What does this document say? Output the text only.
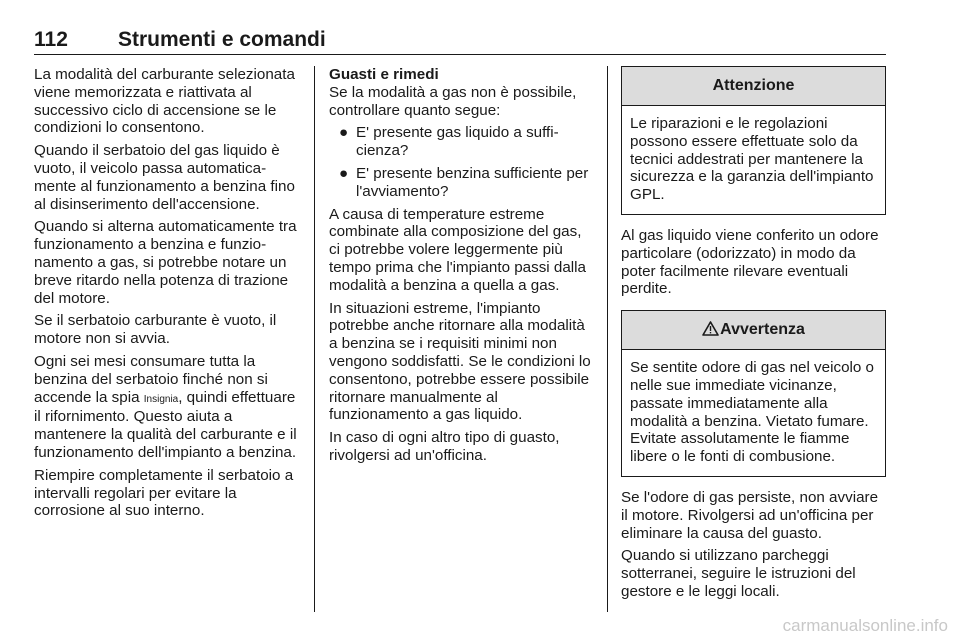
112 Strumenti e comandi

La modalità del carburante selezionata viene memorizzata e riattivata al successivo ciclo di accensione se le condizioni lo consentono.

Quando il serbatoio del gas liquido è vuoto, il veicolo passa automaticamente al funzionamento a benzina fino al disinserimento dell'accensione.

Quando si alterna automaticamente tra funzionamento a benzina e funzionamento a gas, si potrebbe notare un breve ritardo nella potenza di trazione del motore.

Se il serbatoio carburante è vuoto, il motore non si avvia.

Ogni sei mesi consumare tutta la benzina del serbatoio finché non si accende la spia Insignia, quindi effettuare il rifornimento. Questo aiuta a mantenere la qualità del carburante e il funzionamento dell'impianto a benzina.

Riempire completamente il serbatoio a intervalli regolari per evitare la corrosione al suo interno.

Guasti e rimedi

Se la modalità a gas non è possibile, controllare quanto segue:

● E' presente gas liquido a sufficienza?
● E' presente benzina sufficiente per l'avviamento?

A causa di temperature estreme combinate alla composizione del gas, ci potrebbe volere leggermente più tempo prima che l'impianto passi dalla modalità a benzina a quella a gas.

In situazioni estreme, l'impianto potrebbe anche ritornare alla modalità a benzina se i requisiti minimi non vengono soddisfatti. Se le condizioni lo consentono, potrebbe essere possibile ritornare manualmente al funzionamento a gas liquido.

In caso di ogni altro tipo di guasto, rivolgersi ad un'officina.

Attenzione
Le riparazioni e le regolazioni possono essere effettuate solo da tecnici addestrati per mantenere la sicurezza e la garanzia dell'impianto GPL.

Al gas liquido viene conferito un odore particolare (odorizzato) in modo da poter facilmente rilevare eventuali perdite.

Avvertenza
Se sentite odore di gas nel veicolo o nelle sue immediate vicinanze, passate immediatamente alla modalità a benzina. Vietato fumare. Evitate assolutamente le fiamme libere o le fonti di combusione.

Se l'odore di gas persiste, non avviare il motore. Rivolgersi ad un'officina per eliminare la causa del guasto.

Quando si utilizzano parcheggi sotterranei, seguire le istruzioni del gestore e le leggi locali.

carmanualsonline.info
